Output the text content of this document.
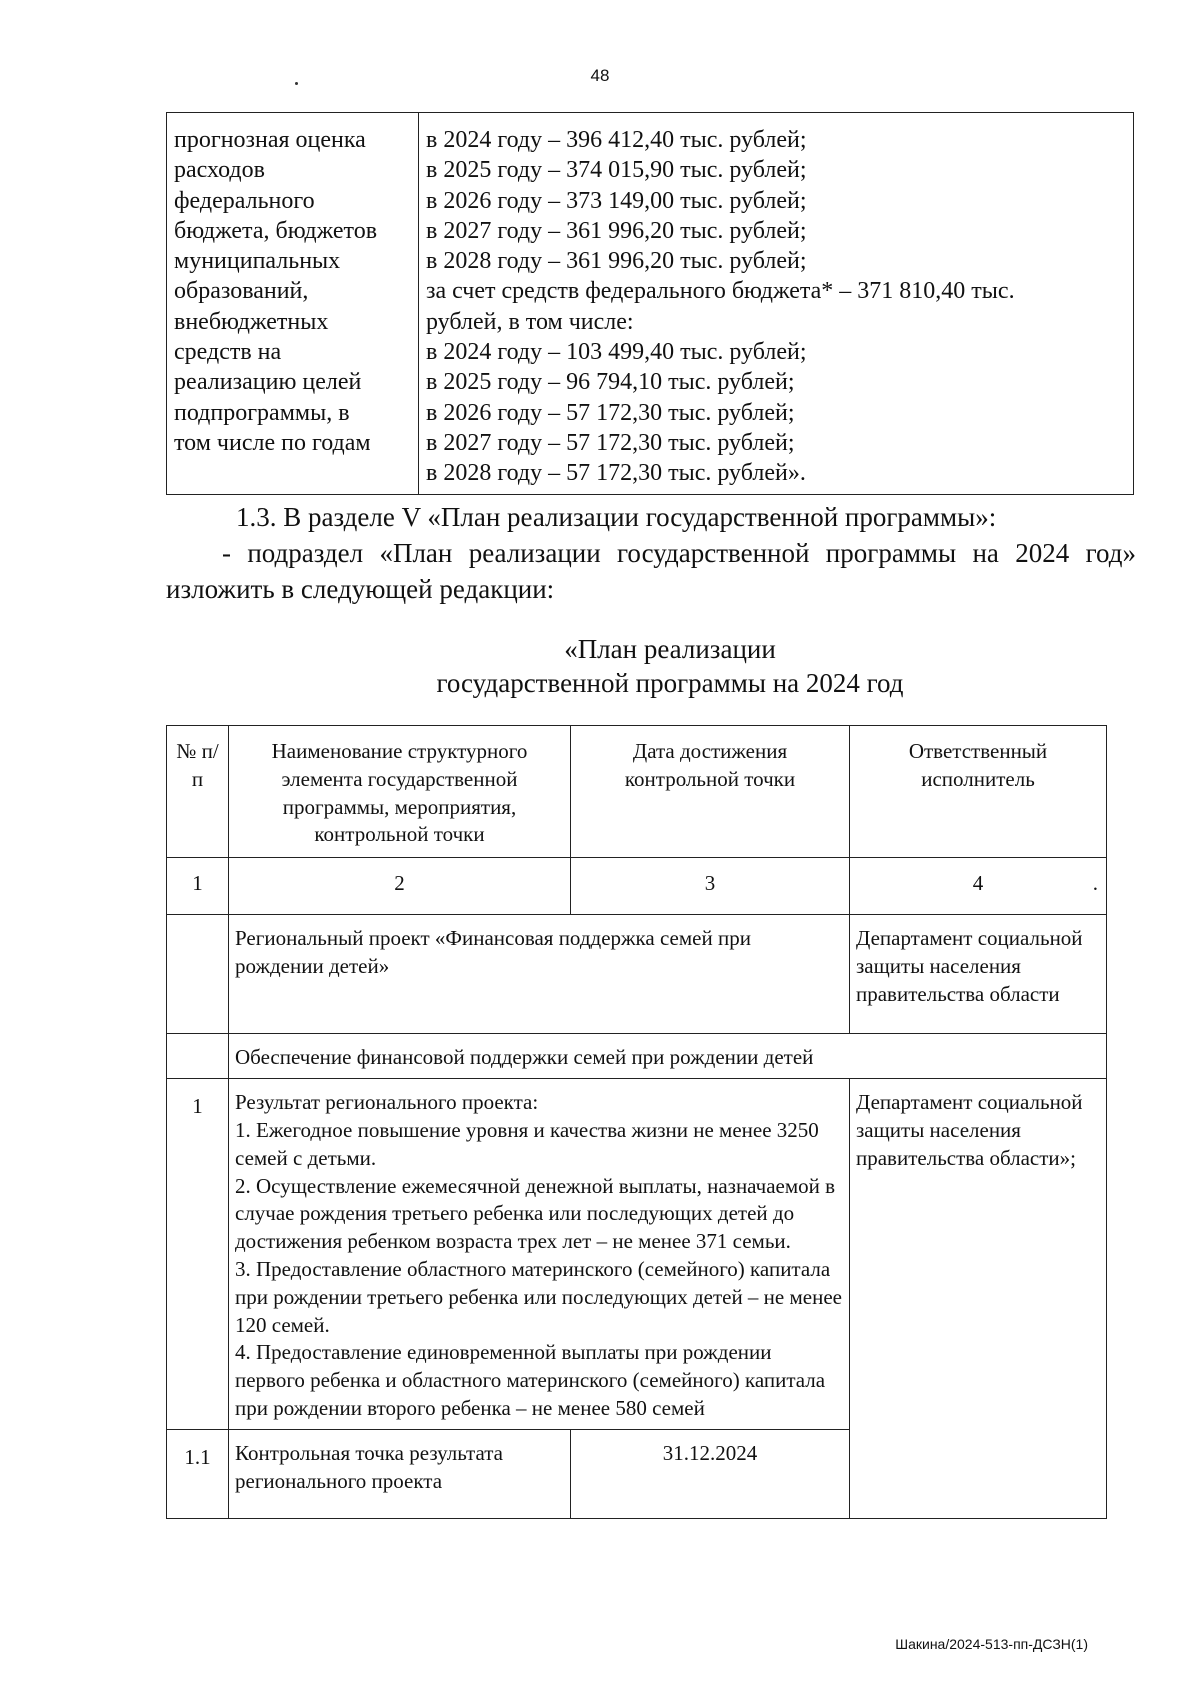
48
прогнозная оценка
расходов
федерального
бюджета, бюджетов
муниципальных
образований,
внебюджетных
средств на
реализацию целей
подпрограммы, в
том числе по годам

в 2024 году – 396 412,40 тыс. рублей;
в 2025 году – 374 015,90 тыс. рублей;
в 2026 году – 373 149,00 тыс. рублей;
в 2027 году – 361 996,20 тыс. рублей;
в 2028 году – 361 996,20 тыс. рублей;
за счет средств федерального бюджета* – 371 810,40 тыс.
рублей, в том числе:
в 2024 году – 103 499,40 тыс. рублей;
в 2025 году – 96 794,10 тыс. рублей;
в 2026 году – 57 172,30 тыс. рублей;
в 2027 году – 57 172,30 тыс. рублей;
в 2028 году – 57 172,30 тыс. рублей».
1.3. В разделе V «План реализации государственной программы»:
- подраздел «План реализации государственной программы на 2024 год»
изложить в следующей редакции:
«План реализации
государственной программы на 2024 год
№ п/п	Наименование структурного элемента государственной программы, мероприятия, контрольной точки	Дата достижения контрольной точки	Ответственный исполнитель
1	2	3	4 .

	Региональный проект «Финансовая поддержка семей при рождении детей»		Департамент социальной защиты населения правительства области
	Обеспечение финансовой поддержки семей при рождении детей		
1	Результат регионального проекта:
1. Ежегодное повышение уровня и качества жизни не менее 3250 семей с детьми.
2. Осуществление ежемесячной денежной выплаты, назначаемой в случае рождения третьего ребенка или последующих детей до достижения ребенком возраста трех лет – не менее 371 семьи.
3. Предоставление областного материнского (семейного) капитала при рождении третьего ребенка или последующих детей – не менее 120 семей.
4. Предоставление единовременной выплаты при рождении первого ребенка и областного материнского (семейного) капитала при рождении второго ребенка – не менее 580 семей		Департамент социальной защиты населения правительства области»;
1.1	Контрольная точка результата регионального проекта	31.12.2024	
Шакина/2024-513-пп-ДСЗН(1)
